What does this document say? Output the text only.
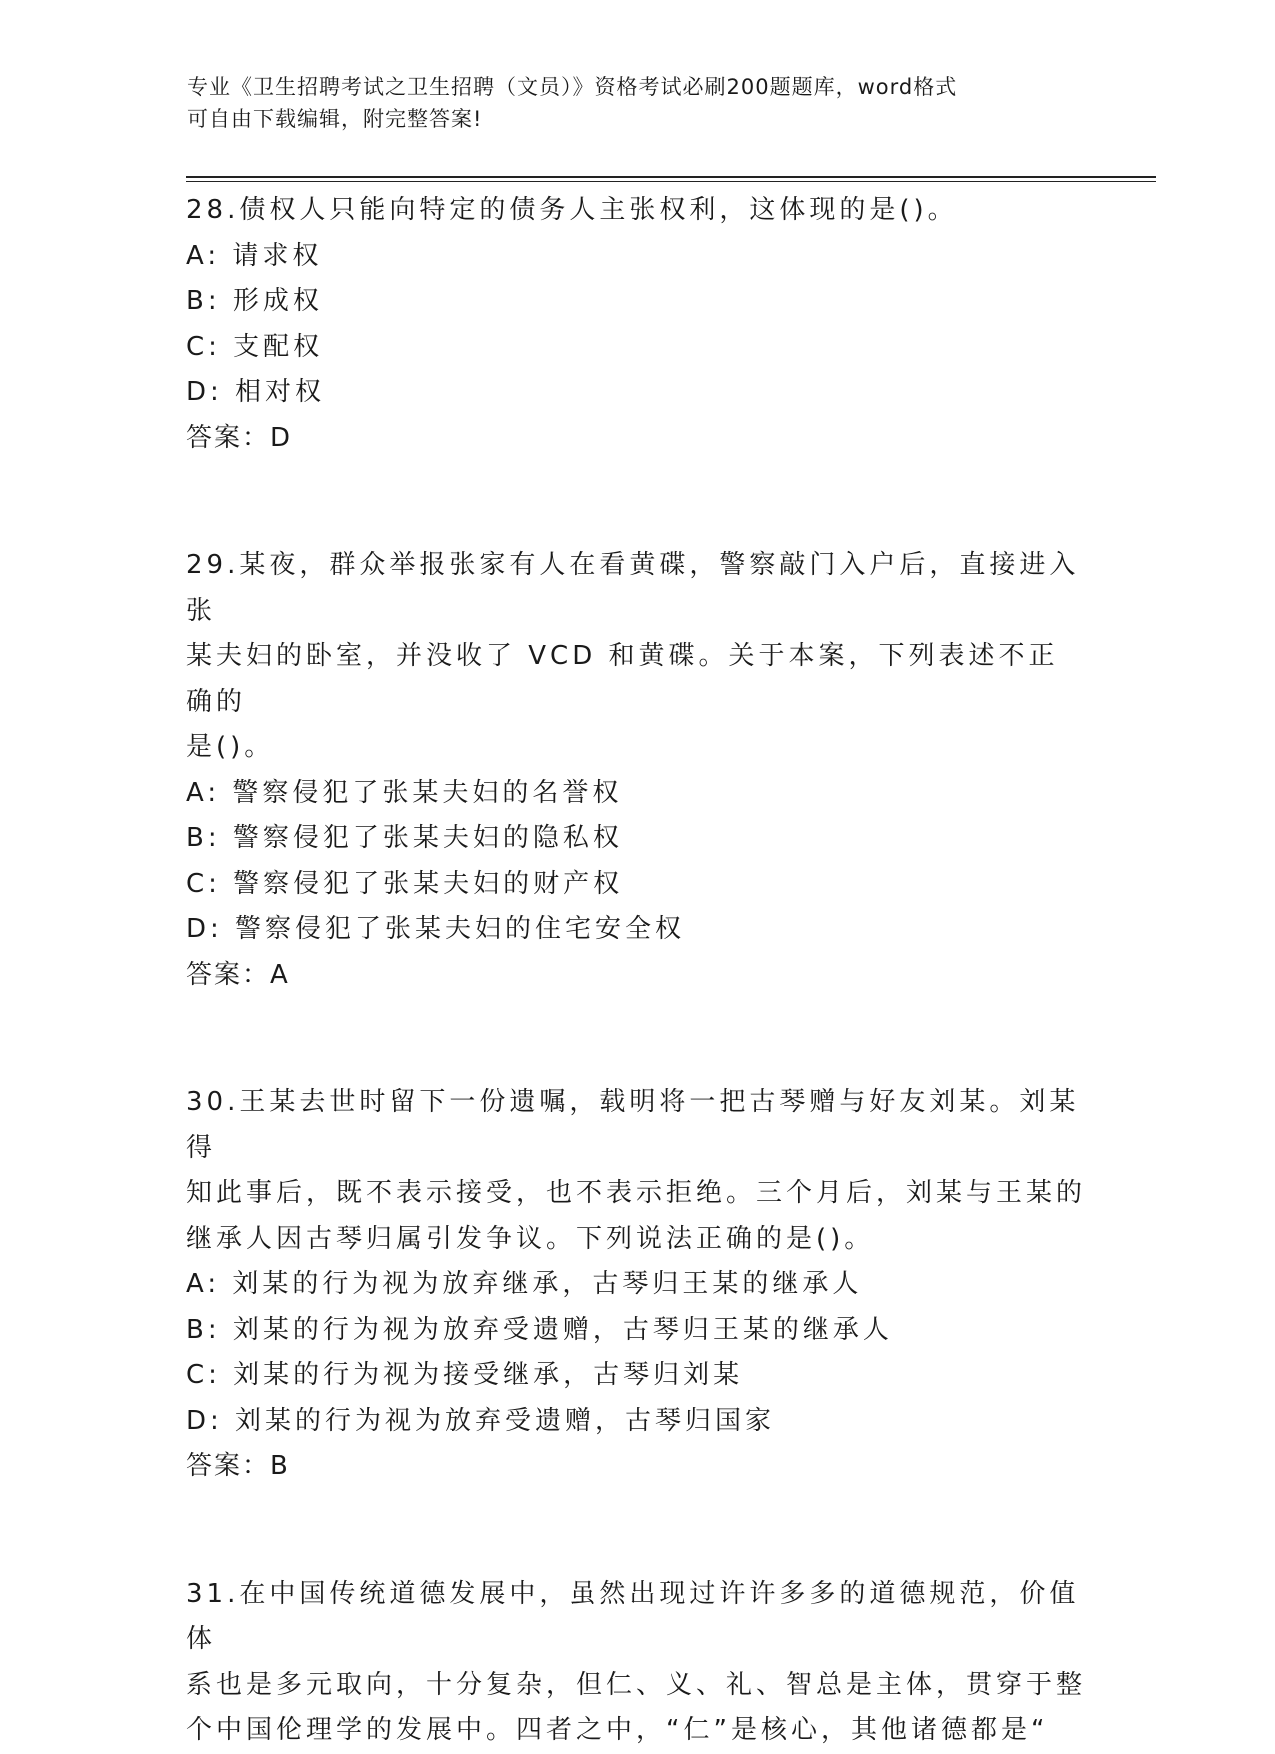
专业《卫生招聘考试之卫生招聘（文员）》资格考试必刷200题题库，word格式
可自由下载编辑，附完整答案!

28.债权人只能向特定的债务人主张权利，这体现的是()。

A: 请求权

B: 形成权

C: 支配权

D: 相对权

答案：D

29.某夜，群众举报张家有人在看黄碟，警察敲门入户后，直接进入张

某夫妇的卧室，并没收了 VCD 和黄碟。关于本案，下列表述不正确的

是()。

A: 警察侵犯了张某夫妇的名誉权

B: 警察侵犯了张某夫妇的隐私权

C: 警察侵犯了张某夫妇的财产权

D: 警察侵犯了张某夫妇的住宅安全权

答案：A

30.王某去世时留下一份遗嘱，载明将一把古琴赠与好友刘某。刘某得

知此事后，既不表示接受，也不表示拒绝。三个月后，刘某与王某的

继承人因古琴归属引发争议。下列说法正确的是()。

A: 刘某的行为视为放弃继承，古琴归王某的继承人

B: 刘某的行为视为放弃受遗赠，古琴归王某的继承人

C: 刘某的行为视为接受继承，古琴归刘某

D: 刘某的行为视为放弃受遗赠，古琴归国家

答案：B

31.在中国传统道德发展中，虽然出现过许许多多的道德规范，价值体

系也是多元取向，十分复杂，但仁、义、礼、智总是主体，贯穿于整

个中国伦理学的发展中。四者之中，“仁”是核心，其他诸德都是“
